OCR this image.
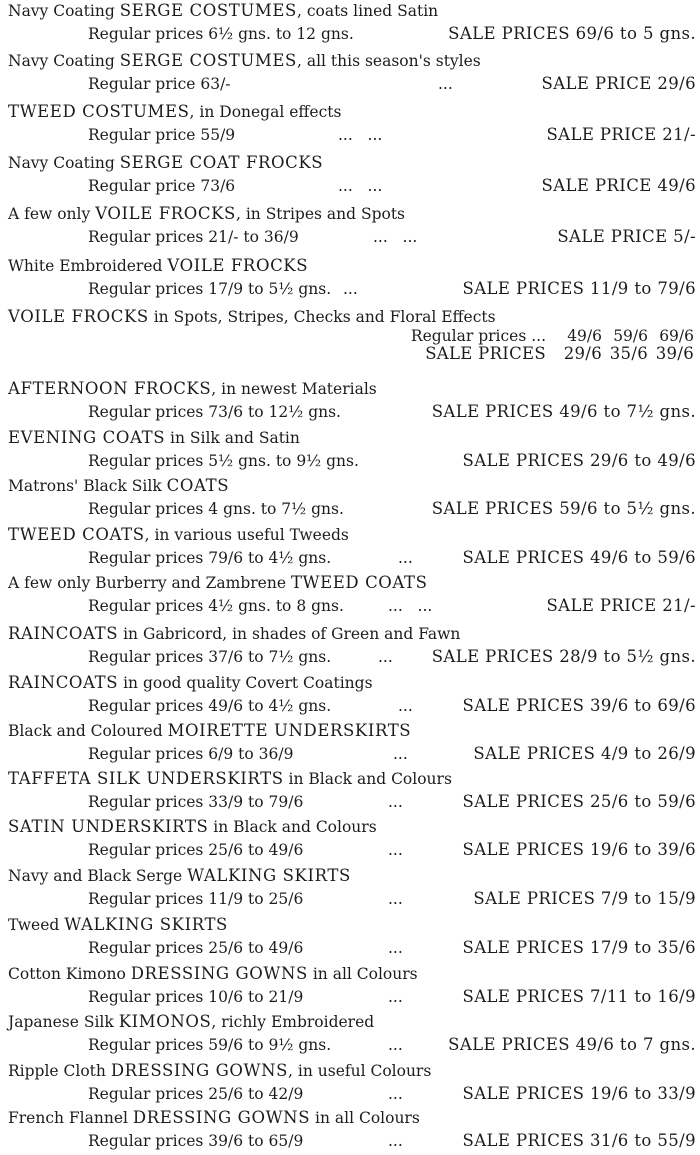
Navy Coating SERGE COSTUMES, coats lined Satin
Regular prices 6½ gns. to 12 gns.	SALE PRICES 69/6 to 5 gns.
Navy Coating SERGE COSTUMES, all this season's styles
Regular price 63/-	...	SALE PRICE 29/6
TWEED COSTUMES, in Donegal effects
Regular price 55/9	...   ...	SALE PRICE 21/-
Navy Coating SERGE COAT FROCKS
Regular price 73/6	...   ...	SALE PRICE 49/6
A few only VOILE FROCKS, in Stripes and Spots
Regular prices 21/- to 36/9	...   ...	SALE PRICE 5/-
White Embroidered VOILE FROCKS
Regular prices 17/9 to 5½ gns. ...	SALE PRICES 11/9 to 79/6
VOILE FROCKS in Spots, Stripes, Checks and Floral Effects
Regular prices ...	49/6 59/6 69/6
SALE PRICES	29/6 35/6 39/6
AFTERNOON FROCKS, in newest Materials
Regular prices 73/6 to 12½ gns.	SALE PRICES 49/6 to 7½ gns.
EVENING COATS in Silk and Satin
Regular prices 5½ gns. to 9½ gns.	SALE PRICES 29/6 to 49/6
Matrons' Black Silk COATS
Regular prices 4 gns. to 7½ gns.	SALE PRICES 59/6 to 5½ gns.
TWEED COATS, in various useful Tweeds
Regular prices 79/6 to 4½ gns.	...	SALE PRICES 49/6 to 59/6
A few only Burberry and Zambrene TWEED COATS
Regular prices 4½ gns. to 8 gns.	...   ...	SALE PRICE 21/-
RAINCOATS in Gabricord, in shades of Green and Fawn
Regular prices 37/6 to 7½ gns.	... SALE PRICES 28/9 to 5½ gns.
RAINCOATS in good quality Covert Coatings
Regular prices 49/6 to 4½ gns.	...	SALE PRICES 39/6 to 69/6
Black and Coloured MOIRETTE UNDERSKIRTS
Regular prices 6/9 to 36/9	...	SALE PRICES 4/9 to 26/9
TAFFETA SILK UNDERSKIRTS in Black and Colours
Regular prices 33/9 to 79/6	...	SALE PRICES 25/6 to 59/6
SATIN UNDERSKIRTS in Black and Colours
Regular prices 25/6 to 49/6	...	SALE PRICES 19/6 to 39/6
Navy and Black Serge WALKING SKIRTS
Regular prices 11/9 to 25/6	...	SALE PRICES 7/9 to 15/9
Tweed WALKING SKIRTS
Regular prices 25/6 to 49/6	...	SALE PRICES 17/9 to 35/6
Cotton Kimono DRESSING GOWNS in all Colours
Regular prices 10/6 to 21/9	...	SALE PRICES 7/11 to 16/9
Japanese Silk KIMONOS, richly Embroidered
Regular prices 59/6 to 9½ gns.	...	SALE PRICES 49/6 to 7 gns.
Ripple Cloth DRESSING GOWNS, in useful Colours
Regular prices 25/6 to 42/9	...	SALE PRICES 19/6 to 33/9
French Flannel DRESSING GOWNS in all Colours
Regular prices 39/6 to 65/9	...	SALE PRICES 31/6 to 55/9
